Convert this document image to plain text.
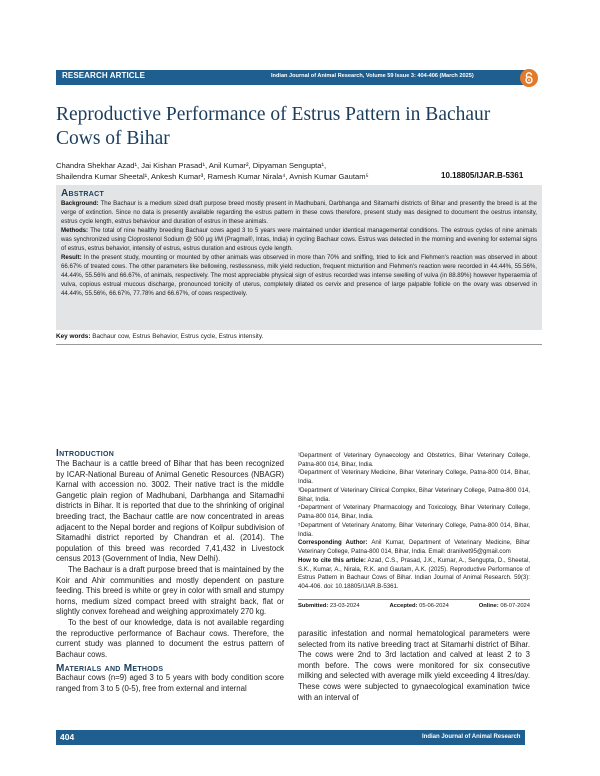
RESEARCH ARTICLE	Indian Journal of Animal Research, Volume 59 Issue 3: 404-406 (March 2025)
Reproductive Performance of Estrus Pattern in Bachaur Cows of Bihar
Chandra Shekhar Azad¹, Jai Kishan Prasad¹, Anil Kumar², Dipyaman Sengupta¹,
Shailendra Kumar Sheetal¹, Ankesh Kumar³, Ramesh Kumar Nirala⁴, Avnish Kumar Gautam⁵	10.18805/IJAR.B-5361
Abstract

Background: The Bachaur is a medium sized draft purpose breed mostly present in Madhubani, Darbhanga and Sitamarhi districts of Bihar and presently the breed is at the verge of extinction. Since no data is presently available regarding the estrus pattern in these cows therefore, present study was designed to document the oestrus intensity, estrus cycle length, estrus behaviour and duration of estrus in these animals.

Methods: The total of nine healthy breeding Bachaur cows aged 3 to 5 years were maintained under identical managemental conditions. The estrous cycles of nine animals was synchronized using Cloprostenol Sodium @ 500 µg I/M (Pragma®, Intas, India) in cycling Bachaur cows. Estrus was detected in the morning and evening for external signs of estrus, estrus behavior, intensity of estrus, estrus duration and estrous cycle length.

Result: In the present study, mounting or mounted by other animals was observed in more than 70% and sniffing, tried to lick and Flehmen's reaction was observed in about 66.67% of treated cows. The other parameters like bellowing, restlessness, milk yield reduction, frequent micturition and Flehmen's reaction were recorded in 44.44%, 55.56%, 44.44%, 55.56% and 66.67%, of animals, respectively. The most appreciable physical sign of estrus recorded was intense swelling of vulva (in 88.89%) however hyperaemia of vulva, copious estrual mucous discharge, pronounced tonicity of uterus, completely dilated os cervix and presence of large palpable follicle on the ovary was observed in 44.44%, 55.56%, 66.67%, 77.78% and 66.67%, of cows respectively.

Key words: Bachaur cow, Estrus Behavior, Estrus cycle, Estrus intensity.
Introduction

The Bachaur is a cattle breed of Bihar that has been recognized by ICAR-National Bureau of Animal Genetic Resources (NBAGR) Karnal with accession no. 3002. Their native tract is the middle Gangetic plain region of Madhubani, Darbhanga and Sitamadhi districts in Bihar. It is reported that due to the shrinking of original breeding tract, the Bachaur cattle are now concentrated in areas adjacent to the Nepal border and regions of Koilpur subdivision of Sitamadhi district reported by Chandran et al. (2014). The population of this breed was recorded 7,41,432 in Livestock census 2013 (Government of India, New Delhi).

The Bachaur is a draft purpose breed that is maintained by the Koir and Ahir communities and mostly dependent on pasture feeding. This breed is white or grey in color with small and stumpy horns, medium sized compact breed with straight back, flat or slightly convex forehead and weighing approximately 270 kg.

To the best of our knowledge, data is not available regarding the reproductive performance of Bachaur cows. Therefore, the current study was planned to document the estrus pattern of Bachaur cows.

Materials and Methods

Bachaur cows (n=9) aged 3 to 5 years with body condition score ranged from 3 to 5 (0-5), free from external and internal

¹Department of Veterinary Gynaecology and Obstetrics, Bihar Veterinary College, Patna-800 014, Bihar, India.

²Department of Veterinary Medicine, Bihar Veterinary College, Patna-800 014, Bihar, India.

³Department of Veterinary Clinical Complex, Bihar Veterinary College, Patna-800 014, Bihar, India.

⁴Department of Veterinary Pharmacology and Toxicology, Bihar Veterinary College, Patna-800 014, Bihar, India.

⁵Department of Veterinary Anatomy, Bihar Veterinary College, Patna-800 014, Bihar, India.

Corresponding Author: Anil Kumar, Department of Veterinary Medicine, Bihar Veterinary College, Patna-800 014, Bihar, India. Email: dranilvet95@gmail.com

How to cite this article: Azad, C.S., Prasad, J.K., Kumar, A., Sengupta, D., Sheetal, S.K., Kumar, A., Nirala, R.K. and Gautam, A.K. (2025). Reproductive Performance of Estrus Pattern in Bachaur Cows of Bihar. Indian Journal of Animal Research. 59(3): 404-406. doi: 10.18805/IJAR.B-5361.

Submitted: 23-03-2024	Accepted: 05-06-2024	Online: 08-07-2024

parasitic infestation and normal hematological parameters were selected from its native breeding tract at Sitamarhi district of Bihar. The cows were 2nd to 3rd lactation and calved at least 2 to 3 month before. The cows were monitored for six consecutive milking and selected with average milk yield exceeding 4 litres/day. These cows were subjected to gynaecological examination twice with an interval of

404	Indian Journal of Animal Research
